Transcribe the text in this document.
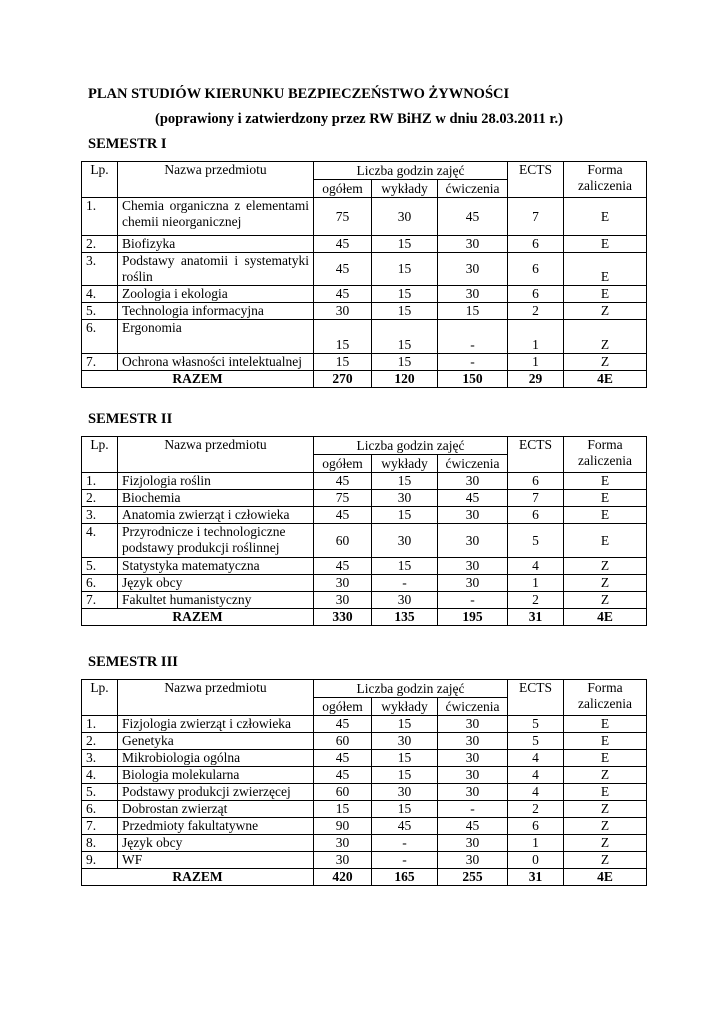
PLAN STUDIÓW KIERUNKU BEZPIECZEŃSTWO ŻYWNOŚCI
(poprawiony i zatwierdzony przez RW BiHZ w dniu 28.03.2011 r.)
SEMESTR I
Lp.	Nazwa przedmiotu	Liczba godzin zajęć			ECTS	Forma
zaliczenia

		ogółem	wykłady	ćwiczenia		
1.	Chemia organiczna z elementami chemii nieorganicznej	75	30	45	7	E
2.	Biofizyka	45	15	30	6	E
3.	Podstawy anatomii i systematyki roślin	45	15	30	6	E
4.	Zoologia i ekologia	45	15	30	6	E
5.	Technologia informacyjna	30	15	15	2	Z
6.	Ergonomia	15	15	-	1	Z
7.	Ochrona własności intelektualnej	15	15	-	1	Z
RAZEM		270	120	150	29	4E
SEMESTR II
Lp.	Nazwa przedmiotu	Liczba godzin zajęć			ECTS	Forma
zaliczenia

		ogółem	wykłady	ćwiczenia		
1.	Fizjologia roślin	45	15	30	6	E
2.	Biochemia	75	30	45	7	E
3.	Anatomia zwierząt i człowieka	45	15	30	6	E
4.	Przyrodnicze i technologiczne podstawy produkcji roślinnej	60	30	30	5	E
5.	Statystyka matematyczna	45	15	30	4	Z
6.	Język obcy	30	-	30	1	Z
7.	Fakultet humanistyczny	30	30	-	2	Z
RAZEM		330	135	195	31	4E
SEMESTR III
Lp.	Nazwa przedmiotu	Liczba godzin zajęć			ECTS	Forma
zaliczenia

		ogółem	wykłady	ćwiczenia		
1.	Fizjologia zwierząt i człowieka	45	15	30	5	E
2.	Genetyka	60	30	30	5	E
3.	Mikrobiologia ogólna	45	15	30	4	E
4.	Biologia molekularna	45	15	30	4	Z
5.	Podstawy produkcji zwierzęcej	60	30	30	4	E
6.	Dobrostan zwierząt	15	15	-	2	Z
7.	Przedmioty fakultatywne	90	45	45	6	Z
8.	Język obcy	30	-	30	1	Z
9.	WF	30	-	30	0	Z
RAZEM		420	165	255	31	4E
